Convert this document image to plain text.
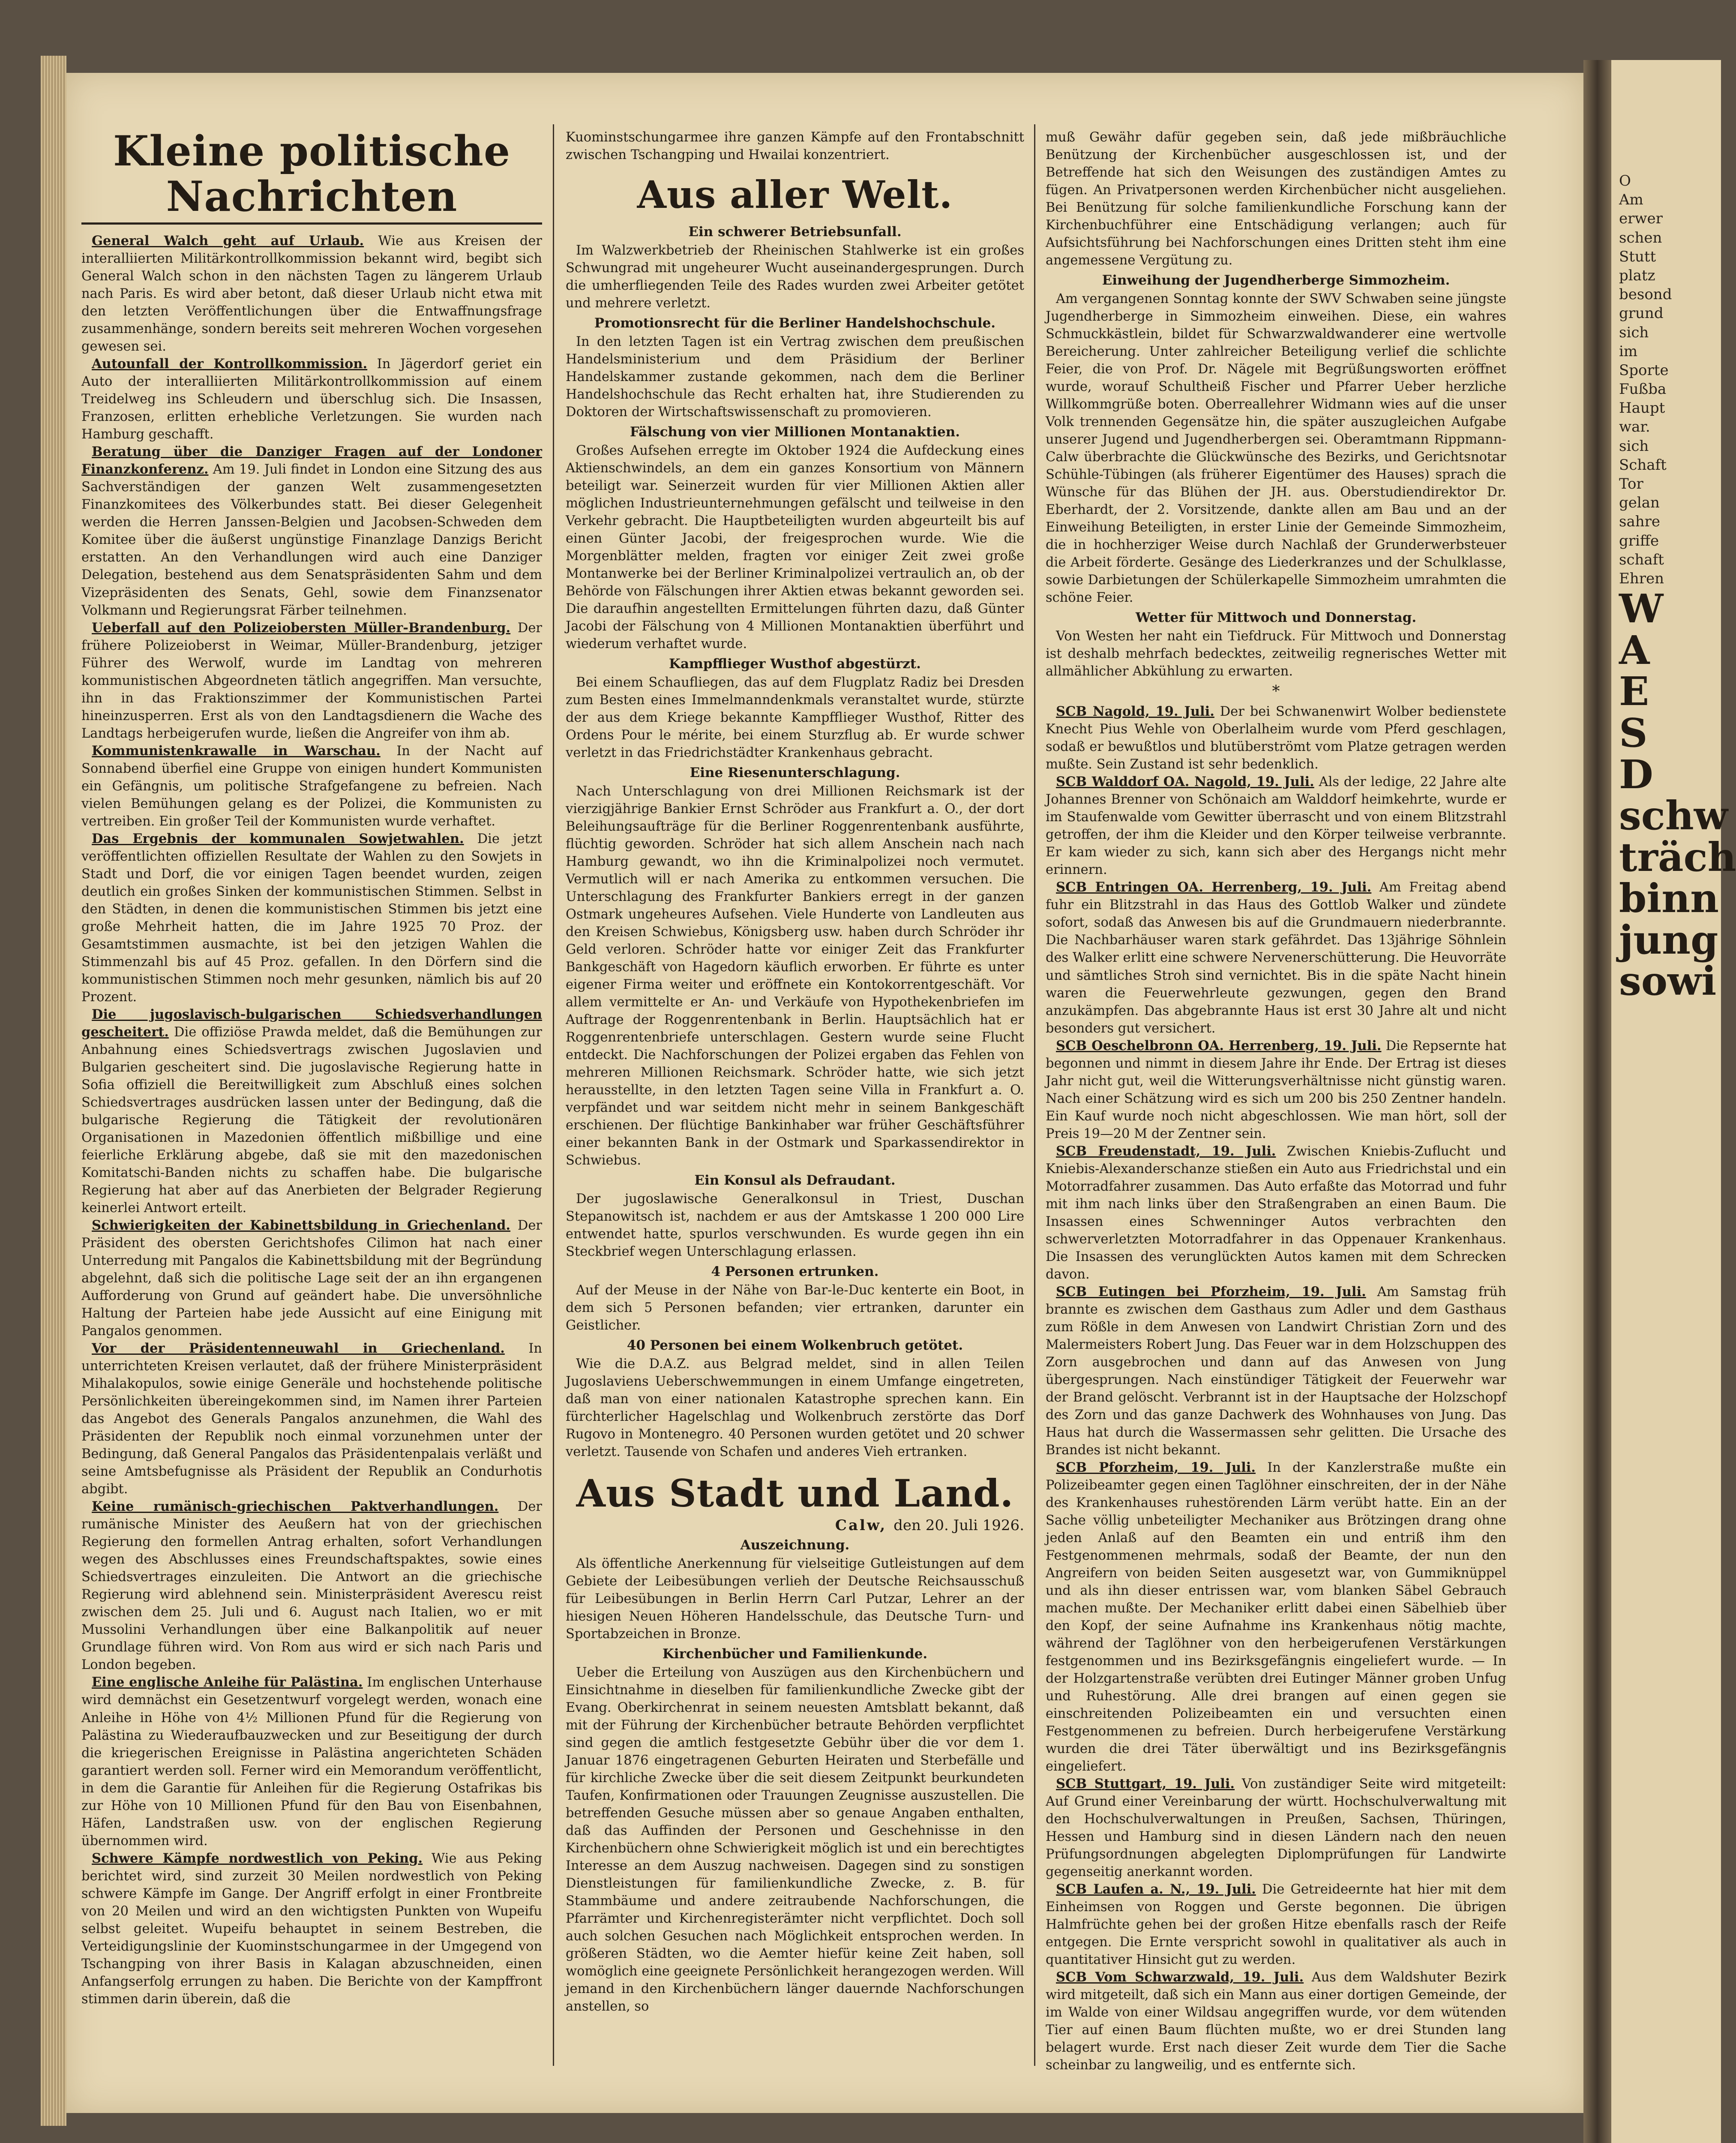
Kleine politische Nachrichten

General Walch geht auf Urlaub. Wie aus Kreisen der interalliierten Militärkontrollkommission bekannt wird, begibt sich General Walch schon in den nächsten Tagen zu längerem Urlaub nach Paris. Es wird aber betont, daß dieser Urlaub nicht etwa mit den letzten Veröffentlichungen über die Entwaffnungsfrage zusammenhänge, sondern bereits seit mehreren Wochen vorgesehen gewesen sei.

Autounfall der Kontrollkommission. In Jägerdorf geriet ein Auto der interalliierten Militärkontrollkommission auf einem Treidelweg ins Schleudern und überschlug sich. Die Insassen, Franzosen, erlitten erhebliche Verletzungen. Sie wurden nach Hamburg geschafft.

Beratung über die Danziger Fragen auf der Londoner Finanzkonferenz. Am 19. Juli findet in London eine Sitzung des aus Sachverständigen der ganzen Welt zusammengesetzten Finanzkomitees des Völkerbundes statt. Bei dieser Gelegenheit werden die Herren Janssen-Belgien und Jacobsen-Schweden dem Komitee über die äußerst ungünstige Finanzlage Danzigs Bericht erstatten. An den Verhandlungen wird auch eine Danziger Delegation, bestehend aus dem Senatspräsidenten Sahm und dem Vizepräsidenten des Senats, Gehl, sowie dem Finanzsenator Volkmann und Regierungsrat Färber teilnehmen.

Ueberfall auf den Polizeiobersten Müller-Brandenburg. Der frühere Polizeioberst in Weimar, Müller-Brandenburg, jetziger Führer des Werwolf, wurde im Landtag von mehreren kommunistischen Abgeordneten tätlich angegriffen. Man versuchte, ihn in das Fraktionszimmer der Kommunistischen Partei hineinzusperren. Erst als von den Landtagsdienern die Wache des Landtags herbeigerufen wurde, ließen die Angreifer von ihm ab.

Kommunistenkrawalle in Warschau. In der Nacht auf Sonnabend überfiel eine Gruppe von einigen hundert Kommunisten ein Gefängnis, um politische Strafgefangene zu befreien. Nach vielen Bemühungen gelang es der Polizei, die Kommunisten zu vertreiben. Ein großer Teil der Kommunisten wurde verhaftet.

Das Ergebnis der kommunalen Sowjetwahlen. Die jetzt veröffentlichten offiziellen Resultate der Wahlen zu den Sowjets in Stadt und Dorf, die vor einigen Tagen beendet wurden, zeigen deutlich ein großes Sinken der kommunistischen Stimmen. Selbst in den Städten, in denen die kommunistischen Stimmen bis jetzt eine große Mehrheit hatten, die im Jahre 1925 70 Proz. der Gesamtstimmen ausmachte, ist bei den jetzigen Wahlen die Stimmenzahl bis auf 45 Proz. gefallen. In den Dörfern sind die kommunistischen Stimmen noch mehr gesunken, nämlich bis auf 20 Prozent.

Die jugoslavisch-bulgarischen Schiedsverhandlungen gescheitert. Die offiziöse Prawda meldet, daß die Bemühungen zur Anbahnung eines Schiedsvertrags zwischen Jugoslavien und Bulgarien gescheitert sind. Die jugoslavische Regierung hatte in Sofia offiziell die Bereitwilligkeit zum Abschluß eines solchen Schiedsvertrages ausdrücken lassen unter der Bedingung, daß die bulgarische Regierung die Tätigkeit der revolutionären Organisationen in Mazedonien öffentlich mißbillige und eine feierliche Erklärung abgebe, daß sie mit den mazedonischen Komitatschi-Banden nichts zu schaffen habe. Die bulgarische Regierung hat aber auf das Anerbieten der Belgrader Regierung keinerlei Antwort erteilt.

Schwierigkeiten der Kabinettsbildung in Griechenland. Der Präsident des obersten Gerichtshofes Cilimon hat nach einer Unterredung mit Pangalos die Kabinettsbildung mit der Begründung abgelehnt, daß sich die politische Lage seit der an ihn ergangenen Aufforderung von Grund auf geändert habe. Die unversöhnliche Haltung der Parteien habe jede Aussicht auf eine Einigung mit Pangalos genommen.

Vor der Präsidentenneuwahl in Griechenland. In unterrichteten Kreisen verlautet, daß der frühere Ministerpräsident Mihalakopulos, sowie einige Generäle und hochstehende politische Persönlichkeiten übereingekommen sind, im Namen ihrer Parteien das Angebot des Generals Pangalos anzunehmen, die Wahl des Präsidenten der Republik noch einmal vorzunehmen unter der Bedingung, daß General Pangalos das Präsidentenpalais verläßt und seine Amtsbefugnisse als Präsident der Republik an Condurhotis abgibt.

Keine rumänisch-griechischen Paktverhandlungen. Der rumänische Minister des Aeußern hat von der griechischen Regierung den formellen Antrag erhalten, sofort Verhandlungen wegen des Abschlusses eines Freundschaftspaktes, sowie eines Schiedsvertrages einzuleiten. Die Antwort an die griechische Regierung wird ablehnend sein. Ministerpräsident Averescu reist zwischen dem 25. Juli und 6. August nach Italien, wo er mit Mussolini Verhandlungen über eine Balkanpolitik auf neuer Grundlage führen wird. Von Rom aus wird er sich nach Paris und London begeben.

Eine englische Anleihe für Palästina. Im englischen Unterhause wird demnächst ein Gesetzentwurf vorgelegt werden, wonach eine Anleihe in Höhe von 4½ Millionen Pfund für die Regierung von Palästina zu Wiederaufbauzwecken und zur Beseitigung der durch die kriegerischen Ereignisse in Palästina angerichteten Schäden garantiert werden soll. Ferner wird ein Memorandum veröffentlicht, in dem die Garantie für Anleihen für die Regierung Ostafrikas bis zur Höhe von 10 Millionen Pfund für den Bau von Eisenbahnen, Häfen, Landstraßen usw. von der englischen Regierung übernommen wird.

Schwere Kämpfe nordwestlich von Peking. Wie aus Peking berichtet wird, sind zurzeit 30 Meilen nordwestlich von Peking schwere Kämpfe im Gange. Der Angriff erfolgt in einer Frontbreite von 20 Meilen und wird an den wichtigsten Punkten von Wupeifu selbst geleitet. Wupeifu behauptet in seinem Bestreben, die Verteidigungslinie der Kuominstschungarmee in der Umgegend von Tschangping von ihrer Basis in Kalagan abzuschneiden, einen Anfangserfolg errungen zu haben. Die Berichte von der Kampffront stimmen darin überein, daß die

Kuominstschungarmee ihre ganzen Kämpfe auf den Frontabschnitt zwischen Tschangping und Hwailai konzentriert.

Aus aller Welt.
Ein schwerer Betriebsunfall.

Im Walzwerkbetrieb der Rheinischen Stahlwerke ist ein großes Schwungrad mit ungeheurer Wucht auseinandergesprungen. Durch die umherfliegenden Teile des Rades wurden zwei Arbeiter getötet und mehrere verletzt.

Promotionsrecht für die Berliner Handelshochschule.

In den letzten Tagen ist ein Vertrag zwischen dem preußischen Handelsministerium und dem Präsidium der Berliner Handelskammer zustande gekommen, nach dem die Berliner Handelshochschule das Recht erhalten hat, ihre Studierenden zu Doktoren der Wirtschaftswissenschaft zu promovieren.

Fälschung von vier Millionen Montanaktien.

Großes Aufsehen erregte im Oktober 1924 die Aufdeckung eines Aktienschwindels, an dem ein ganzes Konsortium von Männern beteiligt war. Seinerzeit wurden für vier Millionen Aktien aller möglichen Industrieunternehmungen gefälscht und teilweise in den Verkehr gebracht. Die Hauptbeteiligten wurden abgeurteilt bis auf einen Günter Jacobi, der freigesprochen wurde. Wie die Morgenblätter melden, fragten vor einiger Zeit zwei große Montanwerke bei der Berliner Kriminalpolizei vertraulich an, ob der Behörde von Fälschungen ihrer Aktien etwas bekannt geworden sei. Die daraufhin angestellten Ermittelungen führten dazu, daß Günter Jacobi der Fälschung von 4 Millionen Montanaktien überführt und wiederum verhaftet wurde.

Kampfflieger Wusthof abgestürzt.

Bei einem Schaufliegen, das auf dem Flugplatz Radiz bei Dresden zum Besten eines Immelmanndenkmals veranstaltet wurde, stürzte der aus dem Kriege bekannte Kampfflieger Wusthof, Ritter des Ordens Pour le mérite, bei einem Sturzflug ab. Er wurde schwer verletzt in das Friedrichstädter Krankenhaus gebracht.

Eine Riesenunterschlagung.

Nach Unterschlagung von drei Millionen Reichsmark ist der vierzigjährige Bankier Ernst Schröder aus Frankfurt a. O., der dort Beleihungsaufträge für die Berliner Roggenrentenbank ausführte, flüchtig geworden. Schröder hat sich allem Anschein nach nach Hamburg gewandt, wo ihn die Kriminalpolizei noch vermutet. Vermutlich will er nach Amerika zu entkommen versuchen. Die Unterschlagung des Frankfurter Bankiers erregt in der ganzen Ostmark ungeheures Aufsehen. Viele Hunderte von Landleuten aus den Kreisen Schwiebus, Königsberg usw. haben durch Schröder ihr Geld verloren. Schröder hatte vor einiger Zeit das Frankfurter Bankgeschäft von Hagedorn käuflich erworben. Er führte es unter eigener Firma weiter und eröffnete ein Kontokorrentgeschäft. Vor allem vermittelte er An- und Verkäufe von Hypothekenbriefen im Auftrage der Roggenrentenbank in Berlin. Hauptsächlich hat er Roggenrentenbriefe unterschlagen. Gestern wurde seine Flucht entdeckt. Die Nachforschungen der Polizei ergaben das Fehlen von mehreren Millionen Reichsmark. Schröder hatte, wie sich jetzt herausstellte, in den letzten Tagen seine Villa in Frankfurt a. O. verpfändet und war seitdem nicht mehr in seinem Bankgeschäft erschienen. Der flüchtige Bankinhaber war früher Geschäftsführer einer bekannten Bank in der Ostmark und Sparkassendirektor in Schwiebus.

Ein Konsul als Defraudant.

Der jugoslawische Generalkonsul in Triest, Duschan Stepanowitsch ist, nachdem er aus der Amtskasse 1 200 000 Lire entwendet hatte, spurlos verschwunden. Es wurde gegen ihn ein Steckbrief wegen Unterschlagung erlassen.

4 Personen ertrunken.

Auf der Meuse in der Nähe von Bar-le-Duc kenterte ein Boot, in dem sich 5 Personen befanden; vier ertranken, darunter ein Geistlicher.

40 Personen bei einem Wolkenbruch getötet.

Wie die D.A.Z. aus Belgrad meldet, sind in allen Teilen Jugoslaviens Ueberschwemmungen in einem Umfange eingetreten, daß man von einer nationalen Katastrophe sprechen kann. Ein fürchterlicher Hagelschlag und Wolkenbruch zerstörte das Dorf Rugovo in Montenegro. 40 Personen wurden getötet und 20 schwer verletzt. Tausende von Schafen und anderes Vieh ertranken.

Aus Stadt und Land.
Calw, den 20. Juli 1926.
Auszeichnung.

Als öffentliche Anerkennung für vielseitige Gutleistungen auf dem Gebiete der Leibesübungen verlieh der Deutsche Reichsausschuß für Leibesübungen in Berlin Herrn Carl Putzar, Lehrer an der hiesigen Neuen Höheren Handelsschule, das Deutsche Turn- und Sportabzeichen in Bronze.

Kirchenbücher und Familienkunde.

Ueber die Erteilung von Auszügen aus den Kirchenbüchern und Einsichtnahme in dieselben für familienkundliche Zwecke gibt der Evang. Oberkirchenrat in seinem neuesten Amtsblatt bekannt, daß mit der Führung der Kirchenbücher betraute Behörden verpflichtet sind gegen die amtlich festgesetzte Gebühr über die vor dem 1. Januar 1876 eingetragenen Geburten Heiraten und Sterbefälle und für kirchliche Zwecke über die seit diesem Zeitpunkt beurkundeten Taufen, Konfirmationen oder Trauungen Zeugnisse auszustellen. Die betreffenden Gesuche müssen aber so genaue Angaben enthalten, daß das Auffinden der Personen und Geschehnisse in den Kirchenbüchern ohne Schwierigkeit möglich ist und ein berechtigtes Interesse an dem Auszug nachweisen. Dagegen sind zu sonstigen Dienstleistungen für familienkundliche Zwecke, z. B. für Stammbäume und andere zeitraubende Nachforschungen, die Pfarrämter und Kirchenregisterämter nicht verpflichtet. Doch soll auch solchen Gesuchen nach Möglichkeit entsprochen werden. In größeren Städten, wo die Aemter hiefür keine Zeit haben, soll womöglich eine geeignete Persönlichkeit herangezogen werden. Will jemand in den Kirchenbüchern länger dauernde Nachforschungen anstellen, so

muß Gewähr dafür gegeben sein, daß jede mißbräuchliche Benützung der Kirchenbücher ausgeschlossen ist, und der Betreffende hat sich den Weisungen des zuständigen Amtes zu fügen. An Privatpersonen werden Kirchenbücher nicht ausgeliehen. Bei Benützung für solche familienkundliche Forschung kann der Kirchenbuchführer eine Entschädigung verlangen; auch für Aufsichtsführung bei Nachforschungen eines Dritten steht ihm eine angemessene Vergütung zu.

Einweihung der Jugendherberge Simmozheim.

Am vergangenen Sonntag konnte der SWV Schwaben seine jüngste Jugendherberge in Simmozheim einweihen. Diese, ein wahres Schmuckkästlein, bildet für Schwarzwaldwanderer eine wertvolle Bereicherung. Unter zahlreicher Beteiligung verlief die schlichte Feier, die von Prof. Dr. Nägele mit Begrüßungsworten eröffnet wurde, worauf Schultheiß Fischer und Pfarrer Ueber herzliche Willkommgrüße boten. Oberreallehrer Widmann wies auf die unser Volk trennenden Gegensätze hin, die später auszugleichen Aufgabe unserer Jugend und Jugendherbergen sei. Oberamtmann Rippmann-Calw überbrachte die Glückwünsche des Bezirks, und Gerichtsnotar Schühle-Tübingen (als früherer Eigentümer des Hauses) sprach die Wünsche für das Blühen der JH. aus. Oberstudiendirektor Dr. Eberhardt, der 2. Vorsitzende, dankte allen am Bau und an der Einweihung Beteiligten, in erster Linie der Gemeinde Simmozheim, die in hochherziger Weise durch Nachlaß der Grunderwerbsteuer die Arbeit förderte. Gesänge des Liederkranzes und der Schulklasse, sowie Darbietungen der Schülerkapelle Simmozheim umrahmten die schöne Feier.

Wetter für Mittwoch und Donnerstag.

Von Westen her naht ein Tiefdruck. Für Mittwoch und Donnerstag ist deshalb mehrfach bedecktes, zeitweilig regnerisches Wetter mit allmählicher Abkühlung zu erwarten.

*

SCB Nagold, 19. Juli. Der bei Schwanenwirt Wolber bedienstete Knecht Pius Wehle von Oberlalheim wurde vom Pferd geschlagen, sodaß er bewußtlos und blutüberströmt vom Platze getragen werden mußte. Sein Zustand ist sehr bedenklich.

SCB Walddorf OA. Nagold, 19. Juli. Als der ledige, 22 Jahre alte Johannes Brenner von Schönaich am Walddorf heimkehrte, wurde er im Staufenwalde vom Gewitter überrascht und von einem Blitzstrahl getroffen, der ihm die Kleider und den Körper teilweise verbrannte. Er kam wieder zu sich, kann sich aber des Hergangs nicht mehr erinnern.

SCB Entringen OA. Herrenberg, 19. Juli. Am Freitag abend fuhr ein Blitzstrahl in das Haus des Gottlob Walker und zündete sofort, sodaß das Anwesen bis auf die Grundmauern niederbrannte. Die Nachbarhäuser waren stark gefährdet. Das 13jährige Söhnlein des Walker erlitt eine schwere Nervenerschütterung. Die Heuvorräte und sämtliches Stroh sind vernichtet. Bis in die späte Nacht hinein waren die Feuerwehrleute gezwungen, gegen den Brand anzukämpfen. Das abgebrannte Haus ist erst 30 Jahre alt und nicht besonders gut versichert.

SCB Oeschelbronn OA. Herrenberg, 19. Juli. Die Repsernte hat begonnen und nimmt in diesem Jahre ihr Ende. Der Ertrag ist dieses Jahr nicht gut, weil die Witterungsverhältnisse nicht günstig waren. Nach einer Schätzung wird es sich um 200 bis 250 Zentner handeln. Ein Kauf wurde noch nicht abgeschlossen. Wie man hört, soll der Preis 19—20 M der Zentner sein.

SCB Freudenstadt, 19. Juli. Zwischen Kniebis-Zuflucht und Kniebis-Alexanderschanze stießen ein Auto aus Friedrichstal und ein Motorradfahrer zusammen. Das Auto erfaßte das Motorrad und fuhr mit ihm nach links über den Straßengraben an einen Baum. Die Insassen eines Schwenninger Autos verbrachten den schwerverletzten Motorradfahrer in das Oppenauer Krankenhaus. Die Insassen des verunglückten Autos kamen mit dem Schrecken davon.

SCB Eutingen bei Pforzheim, 19. Juli. Am Samstag früh brannte es zwischen dem Gasthaus zum Adler und dem Gasthaus zum Rößle in dem Anwesen von Landwirt Christian Zorn und des Malermeisters Robert Jung. Das Feuer war in dem Holzschuppen des Zorn ausgebrochen und dann auf das Anwesen von Jung übergesprungen. Nach einstündiger Tätigkeit der Feuerwehr war der Brand gelöscht. Verbrannt ist in der Hauptsache der Holzschopf des Zorn und das ganze Dachwerk des Wohnhauses von Jung. Das Haus hat durch die Wassermassen sehr gelitten. Die Ursache des Brandes ist nicht bekannt.

SCB Pforzheim, 19. Juli. In der Kanzlerstraße mußte ein Polizeibeamter gegen einen Taglöhner einschreiten, der in der Nähe des Krankenhauses ruhestörenden Lärm verübt hatte. Ein an der Sache völlig unbeteiligter Mechaniker aus Brötzingen drang ohne jeden Anlaß auf den Beamten ein und entriß ihm den Festgenommenen mehrmals, sodaß der Beamte, der nun den Angreifern von beiden Seiten ausgesetzt war, von Gummiknüppel und als ihn dieser entrissen war, vom blanken Säbel Gebrauch machen mußte. Der Mechaniker erlitt dabei einen Säbelhieb über den Kopf, der seine Aufnahme ins Krankenhaus nötig machte, während der Taglöhner von den herbeigerufenen Verstärkungen festgenommen und ins Bezirksgefängnis eingeliefert wurde. — In der Holzgartenstraße verübten drei Eutinger Männer groben Unfug und Ruhestörung. Alle drei brangen auf einen gegen sie einschreitenden Polizeibeamten ein und versuchten einen Festgenommenen zu befreien. Durch herbeigerufene Verstärkung wurden die drei Täter überwältigt und ins Bezirksgefängnis eingeliefert.

SCB Stuttgart, 19. Juli. Von zuständiger Seite wird mitgeteilt: Auf Grund einer Vereinbarung der württ. Hochschulverwaltung mit den Hochschulverwaltungen in Preußen, Sachsen, Thüringen, Hessen und Hamburg sind in diesen Ländern nach den neuen Prüfungsordnungen abgelegten Diplomprüfungen für Landwirte gegenseitig anerkannt worden.

SCB Laufen a. N., 19. Juli. Die Getreideernte hat hier mit dem Einheimsen von Roggen und Gerste begonnen. Die übrigen Halmfrüchte gehen bei der großen Hitze ebenfalls rasch der Reife entgegen. Die Ernte verspricht sowohl in qualitativer als auch in quantitativer Hinsicht gut zu werden.

SCB Vom Schwarzwald, 19. Juli. Aus dem Waldshuter Bezirk wird mitgeteilt, daß sich ein Mann aus einer dortigen Gemeinde, der im Walde von einer Wildsau angegriffen wurde, vor dem wütenden Tier auf einen Baum flüchten mußte, wo er drei Stunden lang belagert wurde. Erst nach dieser Zeit wurde dem Tier die Sache scheinbar zu langweilig, und es entfernte sich.

O
Am
erwer
schen
Stutt
platz
besond
grund
sich
im
Sporte
Fußba
Haupt
war.
sich
Schaft
Tor
gelan
sahre
griffe
schaft
Ehren
W
A
E
S
D
schw
träch
binn
jung
sowi
